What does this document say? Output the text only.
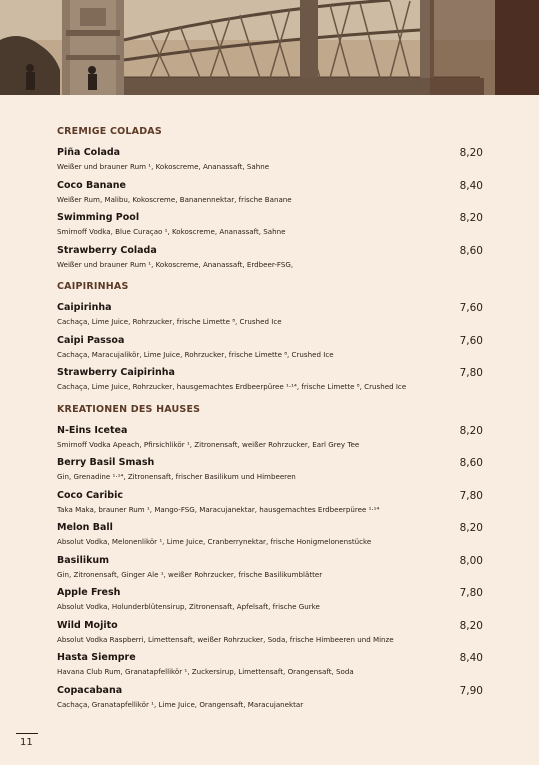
CREMIGE COLADAS
Piña Colada
Weißer und brauner Rum ¹, Kokoscreme, Ananassaft, Sahne
8,20
Coco Banane
Weißer Rum, Malibu, Kokoscreme, Bananennektar, frische Banane
8,40
Swimming Pool
Smirnoff Vodka, Blue Curaçao ¹, Kokoscreme, Ananassaft, Sahne
8,20
Strawberry Colada
Weißer und brauner Rum ¹, Kokoscreme, Ananassaft, Erdbeer-FSG,
8,60
CAIPIRINHAS
Caipirinha
Cachaça, Lime Juice, Rohrzucker, frische Limette ⁸, Crushed Ice
7,60
Caipi Passoa
Cachaça, Maracujalikör, Lime Juice, Rohrzucker, frische Limette ⁸, Crushed Ice
7,60
Strawberry Caipirinha
Cachaça, Lime Juice, Rohrzucker, hausgemachtes Erdbeerpüree ¹·¹⁴, frische Limette ⁸, Crushed Ice
7,80
KREATIONEN DES HAUSES
N-Eins Icetea
Smirnoff Vodka Apeach, Pfirsichlikör ¹, Zitronensaft, weißer Rohrzucker, Earl Grey Tee
8,20
Berry Basil Smash
Gin, Grenadine ¹·¹⁴, Zitronensaft, frischer Basilikum und Himbeeren
8,60
Coco Caribic
Taka Maka, brauner Rum ¹, Mango-FSG, Maracujanektar, hausgemachtes Erdbeerpüree ¹·¹⁴
7,80
Melon Ball
Absolut Vodka, Melonenlikör ¹, Lime Juice, Cranberrynektar, frische Honigmelonenstücke
8,20
Basilikum
Gin, Zitronensaft, Ginger Ale ¹, weißer Rohrzucker, frische Basilikumblätter
8,00
Apple Fresh
Absolut Vodka, Holunderblütensirup, Zitronensaft, Apfelsaft, frische Gurke
7,80
Wild Mojito
Absolut Vodka Raspberri, Limettensaft, weißer Rohrzucker, Soda, frische Himbeeren und Minze
8,20
Hasta Siempre
Havana Club Rum, Granatapfellikör ¹, Zuckersirup, Limettensaft, Orangensaft, Soda
8,40
Copacabana
Cachaça, Granatapfellikör ¹, Lime Juice, Orangensaft, Maracujanektar
7,90
11
